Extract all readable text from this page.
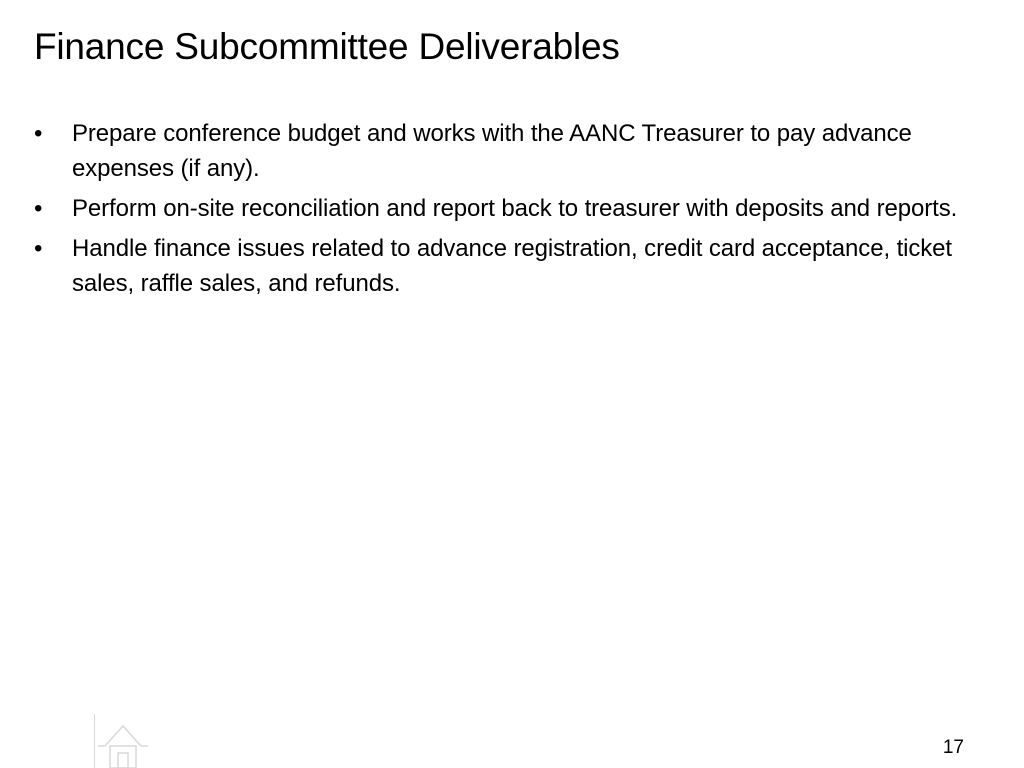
Finance Subcommittee Deliverables
•	Prepare conference budget and works with the AANC Treasurer to pay advance expenses (if any).
•	Perform on-site reconciliation and report back to treasurer with deposits and reports.
•	Handle finance issues related to advance registration, credit card acceptance, ticket sales, raffle sales, and refunds.
17
